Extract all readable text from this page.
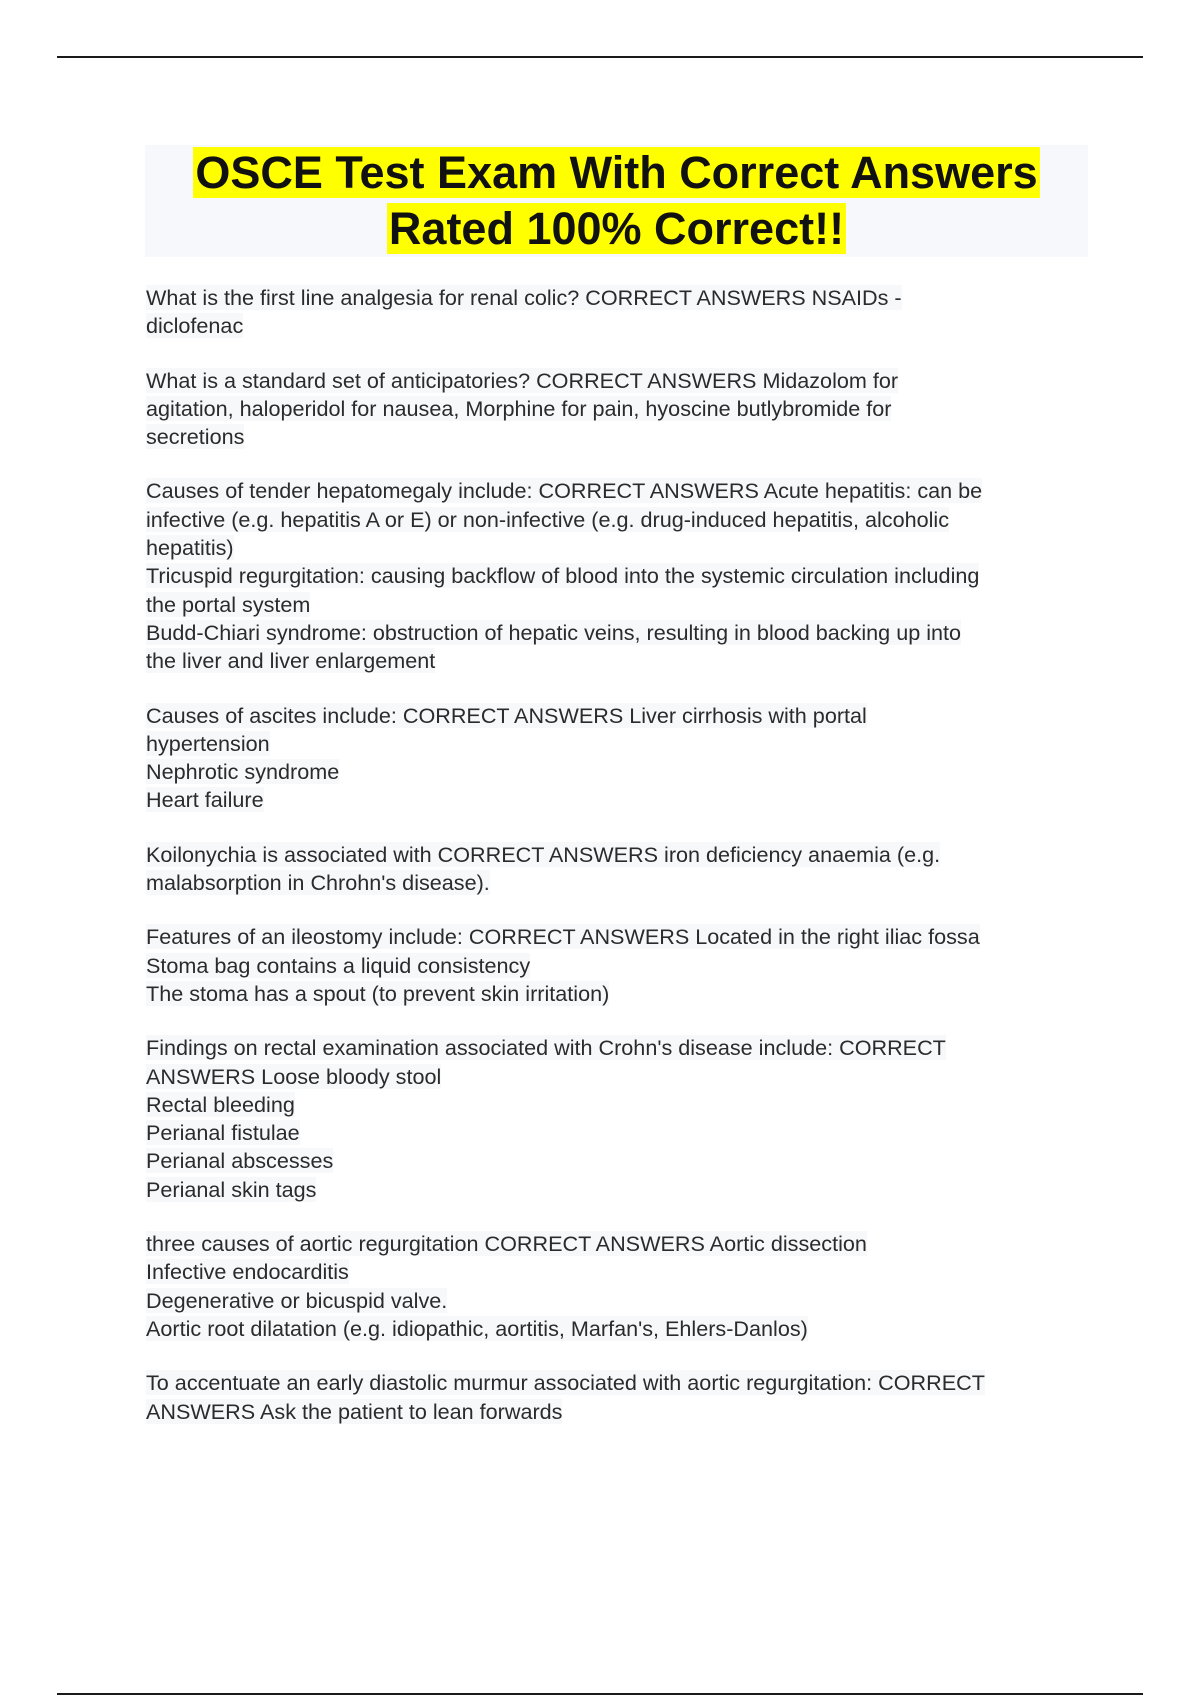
OSCE Test Exam With Correct Answers
Rated 100% Correct!!
What is the first line analgesia for renal colic? CORRECT ANSWERS NSAIDs -
diclofenac
What is a standard set of anticipatories? CORRECT ANSWERS Midazolom for
agitation, haloperidol for nausea, Morphine for pain, hyoscine butlybromide for
secretions
Causes of tender hepatomegaly include: CORRECT ANSWERS Acute hepatitis: can be
infective (e.g. hepatitis A or E) or non-infective (e.g. drug-induced hepatitis, alcoholic
hepatitis)
Tricuspid regurgitation: causing backflow of blood into the systemic circulation including
the portal system
Budd-Chiari syndrome: obstruction of hepatic veins, resulting in blood backing up into
the liver and liver enlargement
Causes of ascites include: CORRECT ANSWERS Liver cirrhosis with portal
hypertension
Nephrotic syndrome
Heart failure
Koilonychia is associated with CORRECT ANSWERS iron deficiency anaemia (e.g.
malabsorption in Chrohn's disease).
Features of an ileostomy include: CORRECT ANSWERS Located in the right iliac fossa
Stoma bag contains a liquid consistency
The stoma has a spout (to prevent skin irritation)
Findings on rectal examination associated with Crohn's disease include: CORRECT
ANSWERS Loose bloody stool
Rectal bleeding
Perianal fistulae
Perianal abscesses
Perianal skin tags
three causes of aortic regurgitation CORRECT ANSWERS Aortic dissection
Infective endocarditis
Degenerative or bicuspid valve.
Aortic root dilatation (e.g. idiopathic, aortitis, Marfan's, Ehlers-Danlos)
To accentuate an early diastolic murmur associated with aortic regurgitation: CORRECT
ANSWERS Ask the patient to lean forwards
